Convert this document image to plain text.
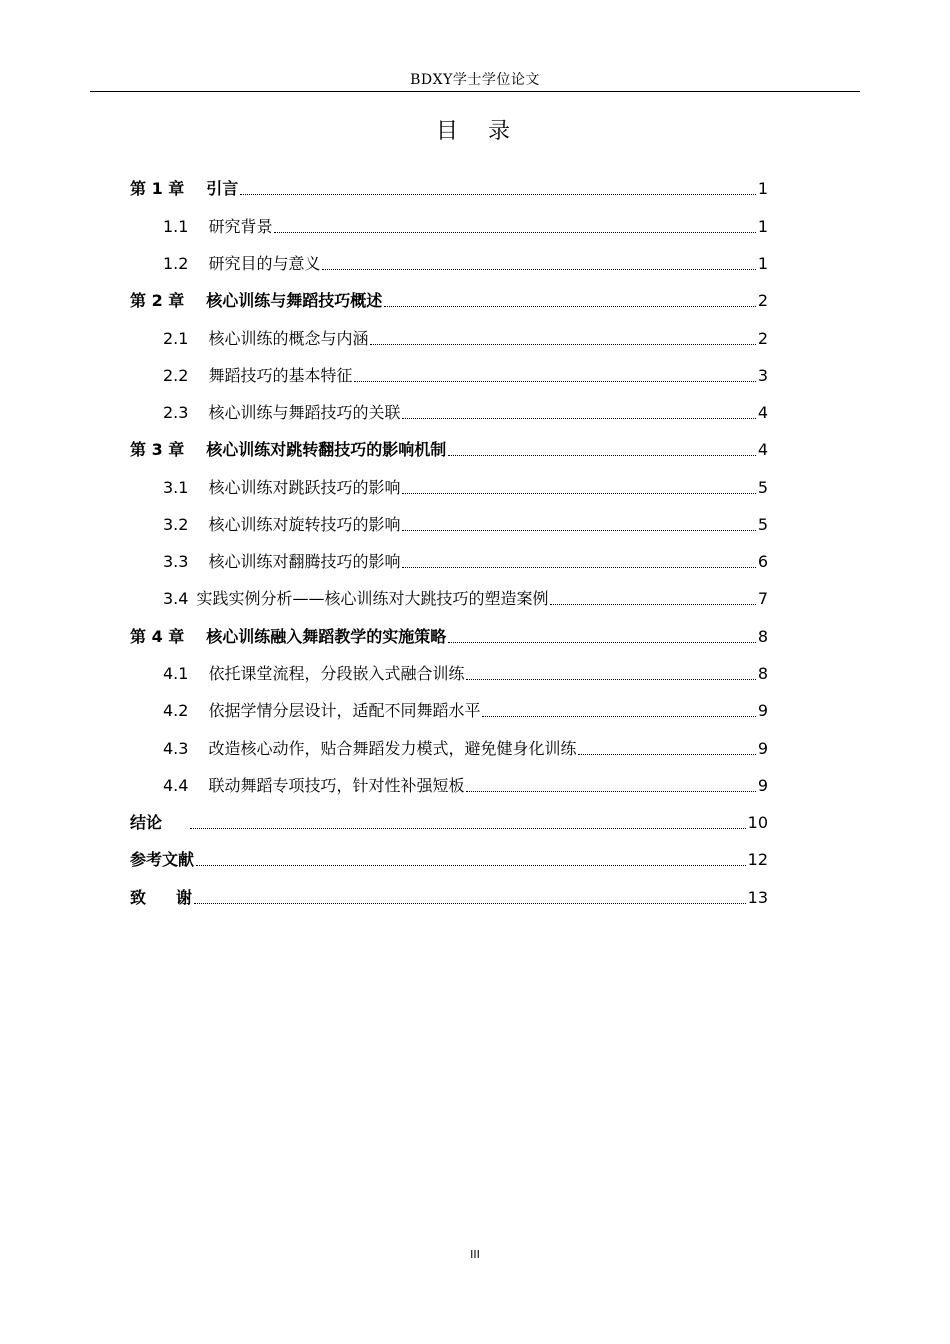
BDXY学士学位论文
目 录
第 1 章 引言	1
1.1 研究背景	1
1.2 研究目的与意义	1
第 2 章 核心训练与舞蹈技巧概述	2
2.1 核心训练的概念与内涵	2
2.2 舞蹈技巧的基本特征	3
2.3 核心训练与舞蹈技巧的关联	4
第 3 章 核心训练对跳转翻技巧的影响机制	4
3.1 核心训练对跳跃技巧的影响	5
3.2 核心训练对旋转技巧的影响	5
3.3 核心训练对翻腾技巧的影响	6
3.4 实践实例分析——核心训练对大跳技巧的塑造案例	7
第 4 章 核心训练融入舞蹈教学的实施策略	8
4.1 依托课堂流程，分段嵌入式融合训练	8
4.2 依据学情分层设计，适配不同舞蹈水平	9
4.3 改造核心动作，贴合舞蹈发力模式，避免健身化训练	9
4.4 联动舞蹈专项技巧，针对性补强短板	9
结论	10
参考文献	12
致 谢	13
III
